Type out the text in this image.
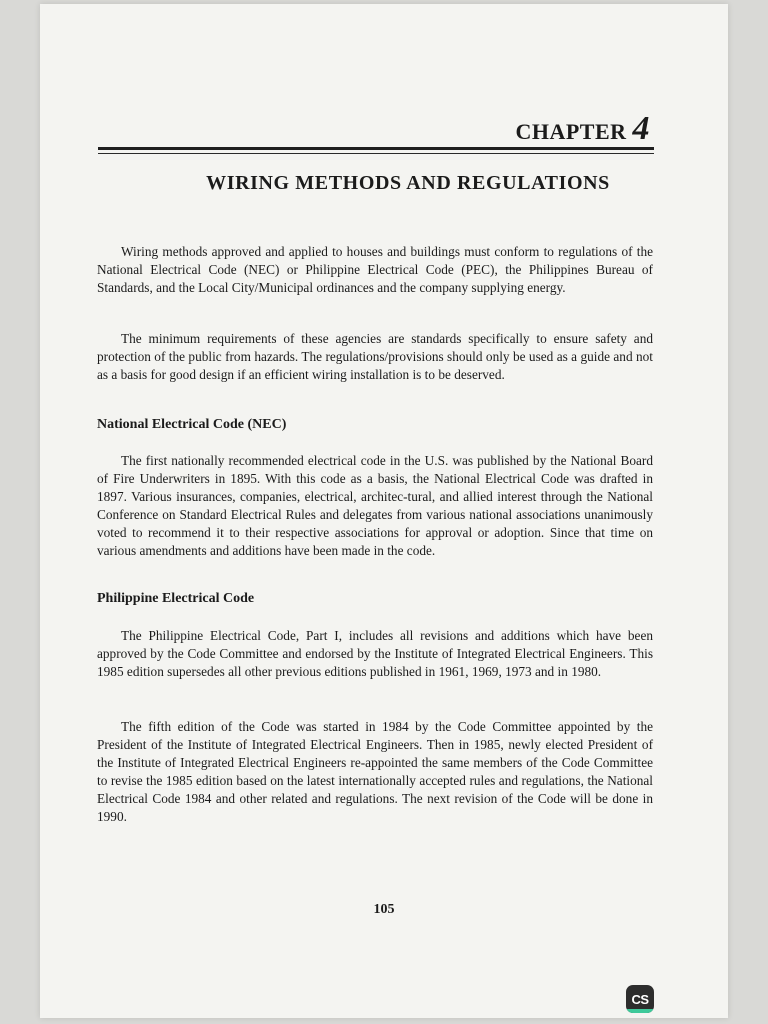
CHAPTER 4
WIRING METHODS AND REGULATIONS
Wiring methods approved and applied to houses and buildings must conform to regulations of the National Electrical Code (NEC) or Philippine Electrical Code (PEC), the Philippines Bureau of Standards, and the Local City/Municipal ordinances and the company supplying energy.
The minimum requirements of these agencies are standards specifically to ensure safety and protection of the public from hazards. The regulations/provisions should only be used as a guide and not as a basis for good design if an efficient wiring installation is to be deserved.
National Electrical Code (NEC)
The first nationally recommended electrical code in the U.S. was published by the National Board of Fire Underwriters in 1895. With this code as a basis, the National Electrical Code was drafted in 1897. Various insurances, companies, electrical, architec-tural, and allied interest through the National Conference on Standard Electrical Rules and delegates from various national associations unanimously voted to recommend it to their respective associations for approval or adoption. Since that time on various amendments and additions have been made in the code.
Philippine Electrical Code
The Philippine Electrical Code, Part I, includes all revisions and additions which have been approved by the Code Committee and endorsed by the Institute of Integrated Electrical Engineers. This 1985 edition supersedes all other previous editions published in 1961, 1969, 1973 and in 1980.
The fifth edition of the Code was started in 1984 by the Code Committee appointed by the President of the Institute of Integrated Electrical Engineers. Then in 1985, newly elected President of the Institute of Integrated Electrical Engineers re-appointed the same members of the Code Committee to revise the 1985 edition based on the latest internationally accepted rules and regulations, the National Electrical Code 1984 and other related and regulations. The next revision of the Code will be done in 1990.
105
CS
